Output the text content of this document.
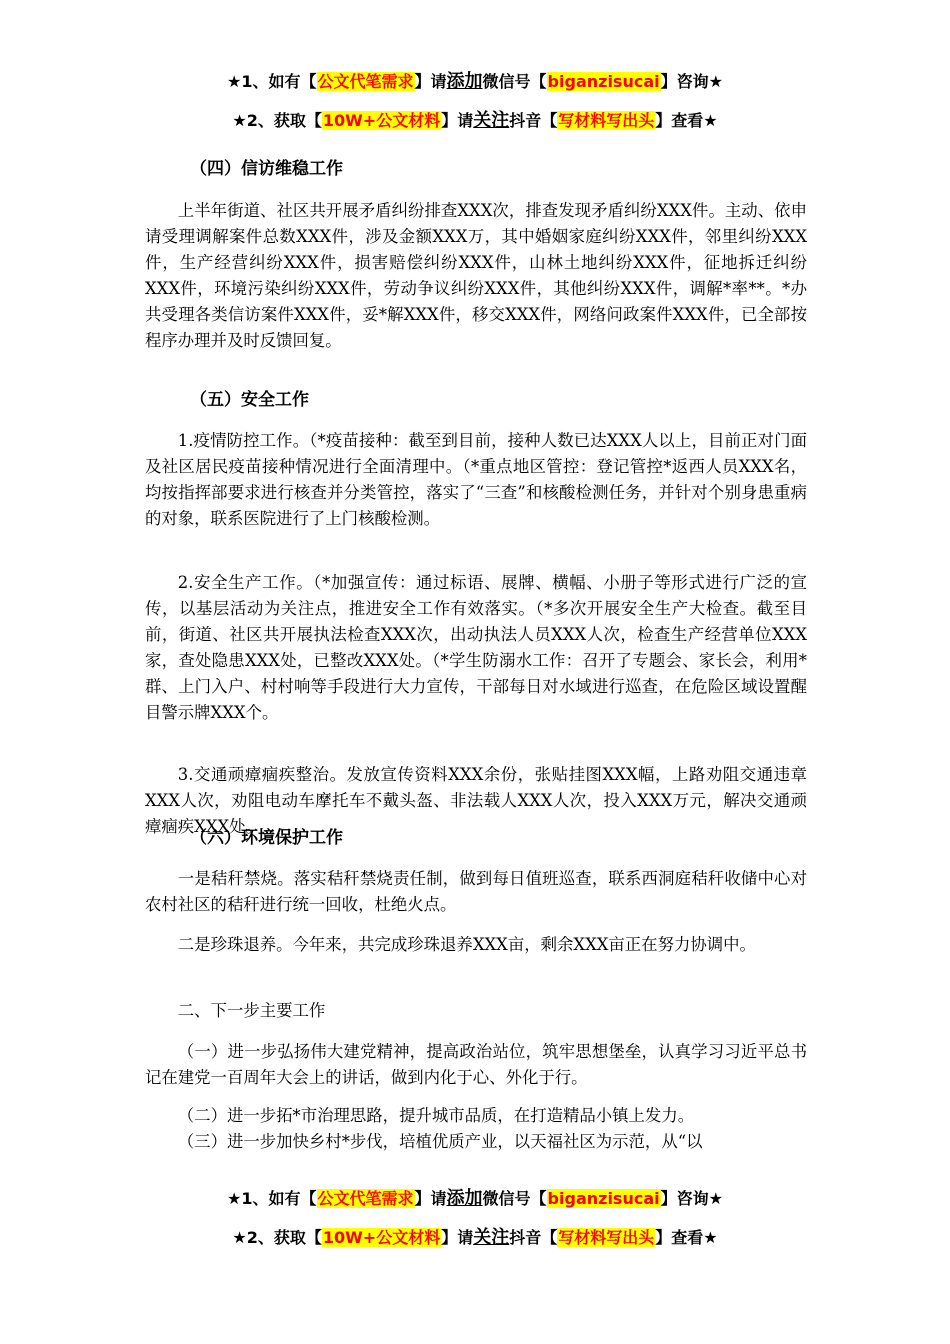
★1、如有【公文代笔需求】请添加微信号【biganzisucai】咨询★
★2、获取【10W+公文材料】请关注抖音【写材料写出头】查看★
（四）信访维稳工作

上半年街道、社区共开展矛盾纠纷排查XXX次，排查发现矛盾纠纷XXX件。主动、依申请受理调解案件总数XXX件，涉及金额XXX万，其中婚姻家庭纠纷XXX件，邻里纠纷XXX件，生产经营纠纷XXX件，损害赔偿纠纷XXX件，山林土地纠纷XXX件，征地拆迁纠纷XXX件，环境污染纠纷XXX件，劳动争议纠纷XXX件，其他纠纷XXX件，调解*率**。*办共受理各类信访案件XXX件，妥*解XXX件，移交XXX件，网络问政案件XXX件，已全部按程序办理并及时反馈回复。

（五）安全工作

1.疫情防控工作。（*疫苗接种：截至到目前，接种人数已达XXX人以上，目前正对门面及社区居民疫苗接种情况进行全面清理中。（*重点地区管控：登记管控*返西人员XXX名，均按指挥部要求进行核查并分类管控，落实了“三查”和核酸检测任务，并针对个别身患重病的对象，联系医院进行了上门核酸检测。

2.安全生产工作。（*加强宣传：通过标语、展牌、横幅、小册子等形式进行广泛的宣传，以基层活动为关注点，推进安全工作有效落实。（*多次开展安全生产大检查。截至目前，街道、社区共开展执法检查XXX次，出动执法人员XXX人次，检查生产经营单位XXX家，查处隐患XXX处，已整改XXX处。（*学生防溺水工作：召开了专题会、家长会，利用*群、上门入户、村村响等手段进行大力宣传，干部每日对水域进行巡查，在危险区域设置醒目警示牌XXX个。

3.交通顽瘴痼疾整治。发放宣传资料XXX余份，张贴挂图XXX幅，上路劝阻交通违章XXX人次，劝阻电动车摩托车不戴头盔、非法载人XXX人次，投入XXX万元，解决交通顽瘴痼疾XXX处。

（六）环境保护工作

一是秸秆禁烧。落实秸秆禁烧责任制，做到每日值班巡查，联系西洞庭秸秆收储中心对农村社区的秸秆进行统一回收，杜绝火点。

二是珍珠退养。今年来，共完成珍珠退养XXX亩，剩余XXX亩正在努力协调中。

二、下一步主要工作

（一）进一步弘扬伟大建党精神，提高政治站位，筑牢思想堡垒，认真学习习近平总书记在建党一百周年大会上的讲话，做到内化于心、外化于行。

（二）进一步拓*市治理思路，提升城市品质，在打造精品小镇上发力。

（三）进一步加快乡村*步伐，培植优质产业，以天福社区为示范，从“以

★1、如有【公文代笔需求】请添加微信号【biganzisucai】咨询★
★2、获取【10W+公文材料】请关注抖音【写材料写出头】查看★
